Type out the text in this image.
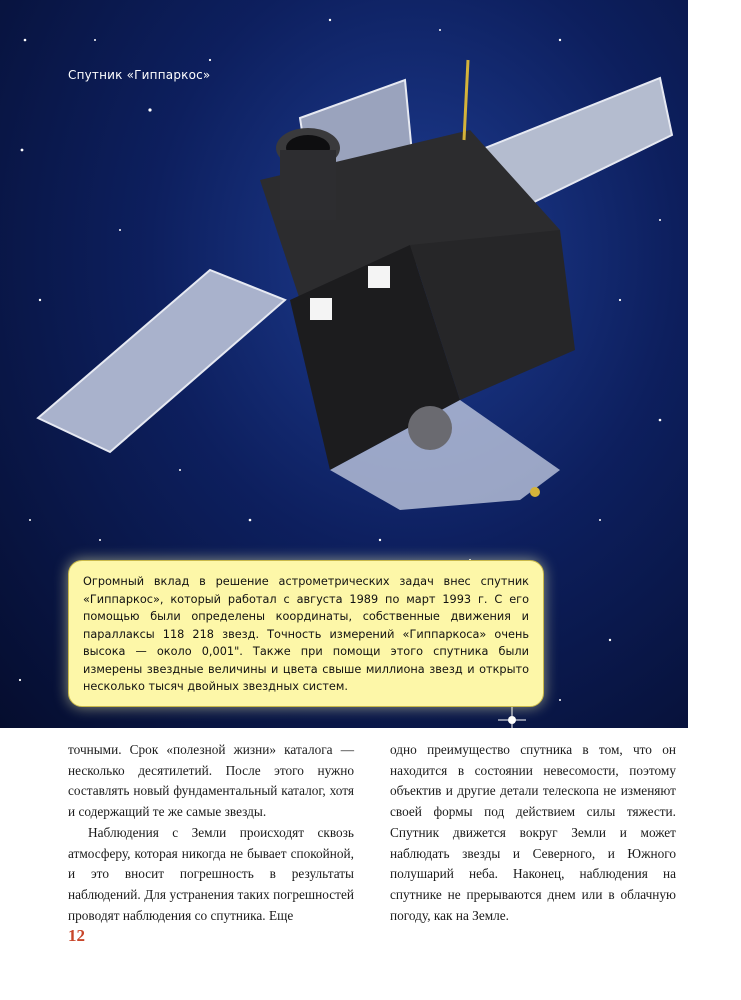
Спутник «Гиппаркос»

Огромный вклад в решение астрометрических задач внес спутник «Гиппаркос», который работал с августа 1989 по март 1993 г. С его помощью были определены координаты, собственные движения и параллаксы 118 218 звезд. Точность измерений «Гиппаркоса» очень высока — около 0,001". Также при помощи этого спутника были измерены звездные величины и цвета свыше миллиона звезд и открыто несколько тысяч двойных звездных систем.

точными. Срок «полезной жизни» каталога — несколько десятилетий. После этого нужно составлять новый фундаментальный каталог, хотя и содержащий те же самые звезды.

Наблюдения с Земли происходят сквозь атмосферу, которая никогда не бывает спокойной, и это вносит погрешность в результаты наблюдений. Для устранения таких погрешностей проводят наблюдения со спутника. Еще

одно преимущество спутника в том, что он находится в состоянии невесомости, поэтому объектив и другие детали телескопа не изменяют своей формы под действием силы тяжести. Спутник движется вокруг Земли и может наблюдать звезды и Северного, и Южного полушарий неба. Наконец, наблюдения на спутнике не прерываются днем или в облачную погоду, как на Земле.

12
